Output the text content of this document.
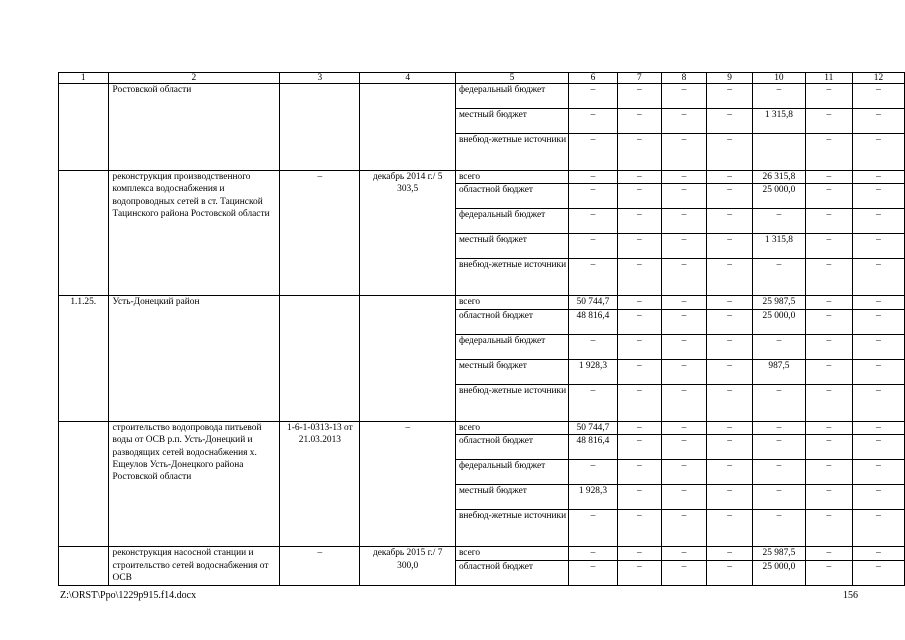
1	2	3	4	5	6	7	8	9	10	11	12
	Ростовской области			федеральный бюджет	–	–	–	–	–	–	–
				местный бюджет	–	–	–	–	1 315,8	–	–
				внебюд-жетные источники	–	–	–	–		–	–
	реконструкция производственного комплекса водоснабжения и водопроводных сетей в ст. Тацинской Тацинского района Ростовской области	–	декабрь 2014 г./ 5 303,5	всего	–	–	–	–	26 315,8	–	–
				областной бюджет	–	–	–	–	25 000,0	–	–
				федеральный бюджет	–	–	–	–	–	–	–
				местный бюджет	–	–	–	–	1 315,8	–	–
				внебюд-жетные источники	–	–	–	–	–	–	–
1.1.25.	Усть-Донецкий район			всего	50 744,7	–	–	–	25 987,5	–	–
				областной бюджет	48 816,4	–	–	–	25 000,0	–	–
				федеральный бюджет	–	–	–	–	–	–	–
				местный бюджет	1 928,3	–	–	–	987,5	–	–
				внебюд-жетные источники	–	–	–	–	–	–	–
	строительство водопровода питьевой воды от ОСВ р.п. Усть-Донецкий и разводящих сетей водоснабжения х. Ещеулов Усть-Донецкого района Ростовской области	1-6-1-0313-13 от 21.03.2013	–	всего	50 744,7	–	–	–	–	–	–
				областной бюджет	48 816,4	–	–	–	–	–	–
				федеральный бюджет	–	–	–	–	–	–	–
				местный бюджет	1 928,3	–	–	–	–	–	–
				внебюд-жетные источники	–	–	–	–	–	–	–
	реконструкция насосной станции и строительство сетей водоснабжения от ОСВ	–	декабрь 2015 г./ 7 300,0	всего	–	–	–	–	25 987,5	–	–
				областной бюджет	–	–	–	–	25 000,0	–	–
Z:\ORST\Ppo\1229p915.f14.docx	156
